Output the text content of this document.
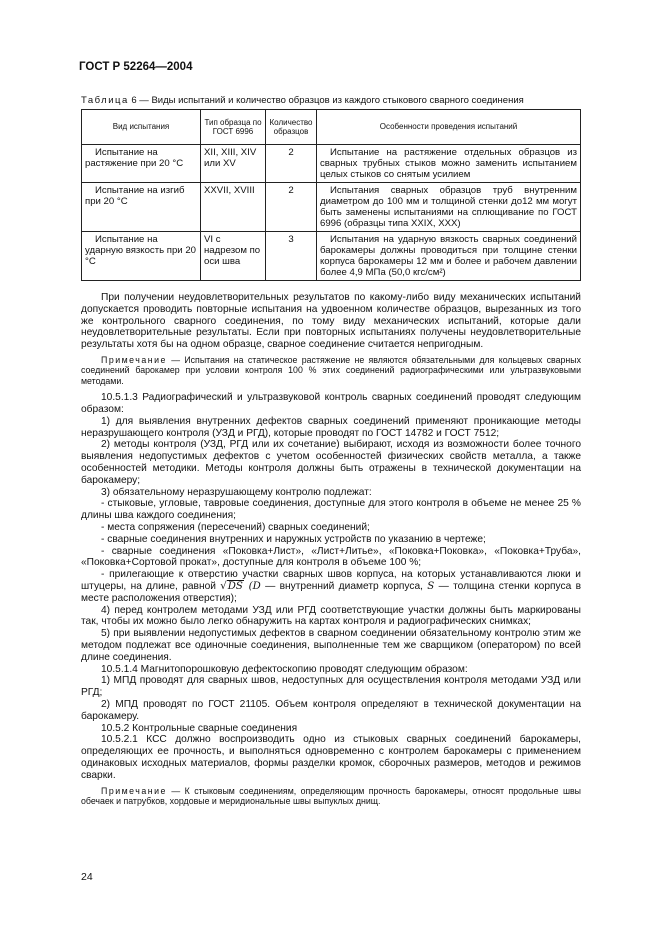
ГОСТ Р 52264—2004
Таблица 6 — Виды испытаний и количество образцов из каждого стыкового сварного соединения
Вид испытания	Тип образца по ГОСТ 6996	Количество образцов	Особенности проведения испытаний
Испытание на растяжение при 20 °С	XII, XIII, XIV или XV	2	Испытание на растяжение отдельных образцов из сварных трубных стыков можно заменить испытанием целых стыков со снятым усилием
Испытание на изгиб при 20 °С	XXVII, XVIII	2	Испытания сварных образцов труб внутренним диаметром до 100 мм и толщиной стенки до12 мм могут быть заменены испытаниями на сплющивание по ГОСТ 6996 (образцы типа XXIX, XXX)
Испытание на ударную вязкость при 20 °С	VI с надрезом по оси шва	3	Испытания на ударную вязкость сварных соединений барокамеры должны проводиться при толщине стенки корпуса барокамеры 12 мм и более и рабочем давлении более 4,9 МПа (50,0 кгс/см²)

При получении неудовлетворительных результатов по какому-либо виду механических испытаний допускается проводить повторные испытания на удвоенном количестве образцов, вырезанных из того же контрольного сварного соединения, по тому виду механических испытаний, которые дали неудовлетворительные результаты. Если при повторных испытаниях получены неудовлетворительные результаты хотя бы на одном образце, сварное соединение считается непригодным.

Примечание — Испытания на статическое растяжение не являются обязательными для кольцевых сварных соединений барокамер при условии контроля 100 % этих соединений радиографическими или ультразвуковыми методами.

10.5.1.3 Радиографический и ультразвуковой контроль сварных соединений проводят следующим образом:

1) для выявления внутренних дефектов сварных соединений применяют проникающие методы неразрушающего контроля (УЗД и РГД), которые проводят по ГОСТ 14782 и ГОСТ 7512;

2) методы контроля (УЗД, РГД или их сочетание) выбирают, исходя из возможности более точного выявления недопустимых дефектов с учетом особенностей физических свойств металла, а также особенностей методики. Методы контроля должны быть отражены в технической документации на барокамеру;

3) обязательному неразрушающему контролю подлежат:

- стыковые, угловые, тавровые соединения, доступные для этого контроля в объеме не менее 25 % длины шва каждого соединения;

- места сопряжения (пересечений) сварных соединений;

- сварные соединения внутренних и наружных устройств по указанию в чертеже;

- сварные соединения «Поковка+Лист», «Лист+Литье», «Поковка+Поковка», «Поковка+Труба», «Поковка+Сортовой прокат», доступные для контроля в объеме 100 %;

- прилегающие к отверстию участки сварных швов корпуса, на которых устанавливаются люки и штуцеры, на длине, равной √DS (D — внутренний диаметр корпуса, S — толщина стенки корпуса в месте расположения отверстия);

4) перед контролем методами УЗД или РГД соответствующие участки должны быть маркированы так, чтобы их можно было легко обнаружить на картах контроля и радиографических снимках;

5) при выявлении недопустимых дефектов в сварном соединении обязательному контролю этим же методом подлежат все одиночные соединения, выполненные тем же сварщиком (оператором) по всей длине соединения.

10.5.1.4 Магнитопорошковую дефектоскопию проводят следующим образом:

1) МПД проводят для сварных швов, недоступных для осуществления контроля методами УЗД или РГД;

2) МПД проводят по ГОСТ 21105. Объем контроля определяют в технической документации на барокамеру.

10.5.2 Контрольные сварные соединения

10.5.2.1 КСС должно воспроизводить одно из стыковых сварных соединений барокамеры, определяющих ее прочность, и выполняться одновременно с контролем барокамеры с применением одинаковых исходных материалов, формы разделки кромок, сборочных размеров, методов и режимов сварки.

Примечание — К стыковым соединениям, определяющим прочность барокамеры, относят продольные швы обечаек и патрубков, хордовые и меридиональные швы выпуклых днищ.

24
